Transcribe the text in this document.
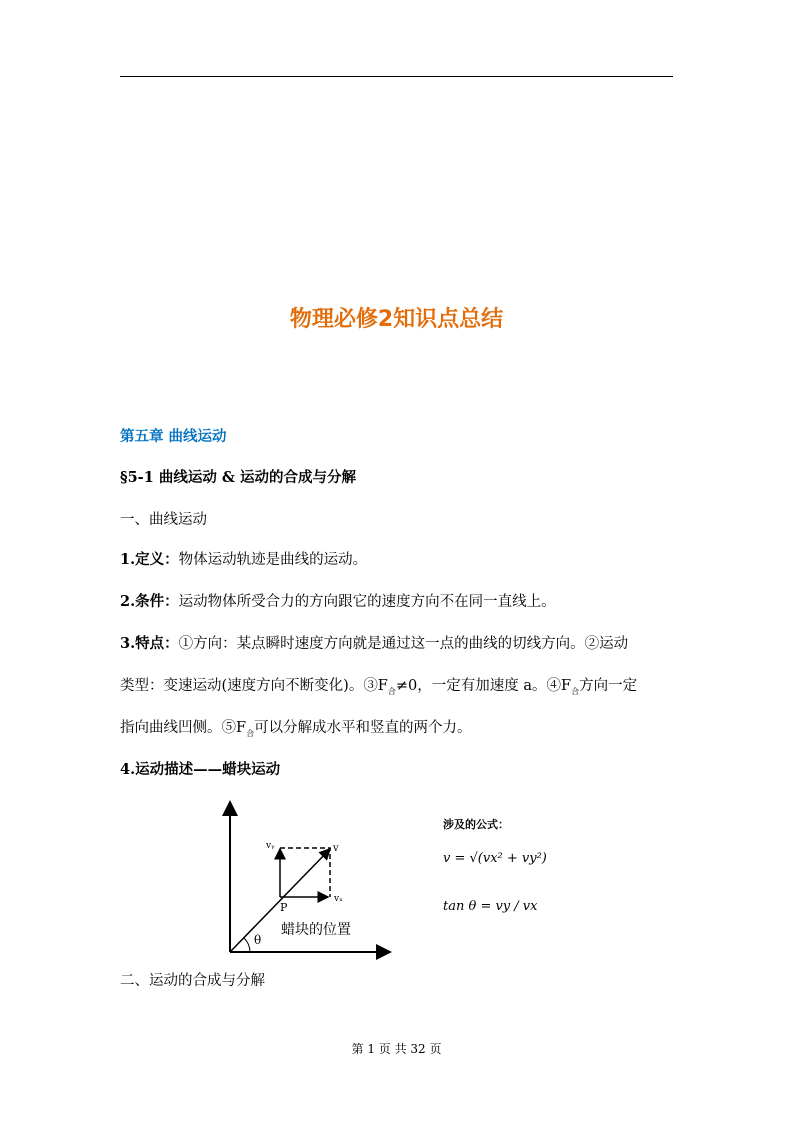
物理必修2知识点总结
第五章 曲线运动
§5-1 曲线运动 & 运动的合成与分解
一、曲线运动
1.定义：物体运动轨迹是曲线的运动。
2.条件：运动物体所受合力的方向跟它的速度方向不在同一直线上。
3.特点：①方向：某点瞬时速度方向就是通过这一点的曲线的切线方向。②运动
类型：变速运动(速度方向不断变化)。$③F_合\ne 0$，一定有加速度 a。$④F_合$方向一定
指向曲线凹侧。$⑤F_合$可以分解成水平和竖直的两个力。
4.运动描述——蜡块运动
vᵧ	v
vₓ
P
蜡块的位置
θ
涉及的公式：
v = √(vx² + vy²)
tan θ = vy / vx
二、运动的合成与分解
第 1 页 共 32 页
